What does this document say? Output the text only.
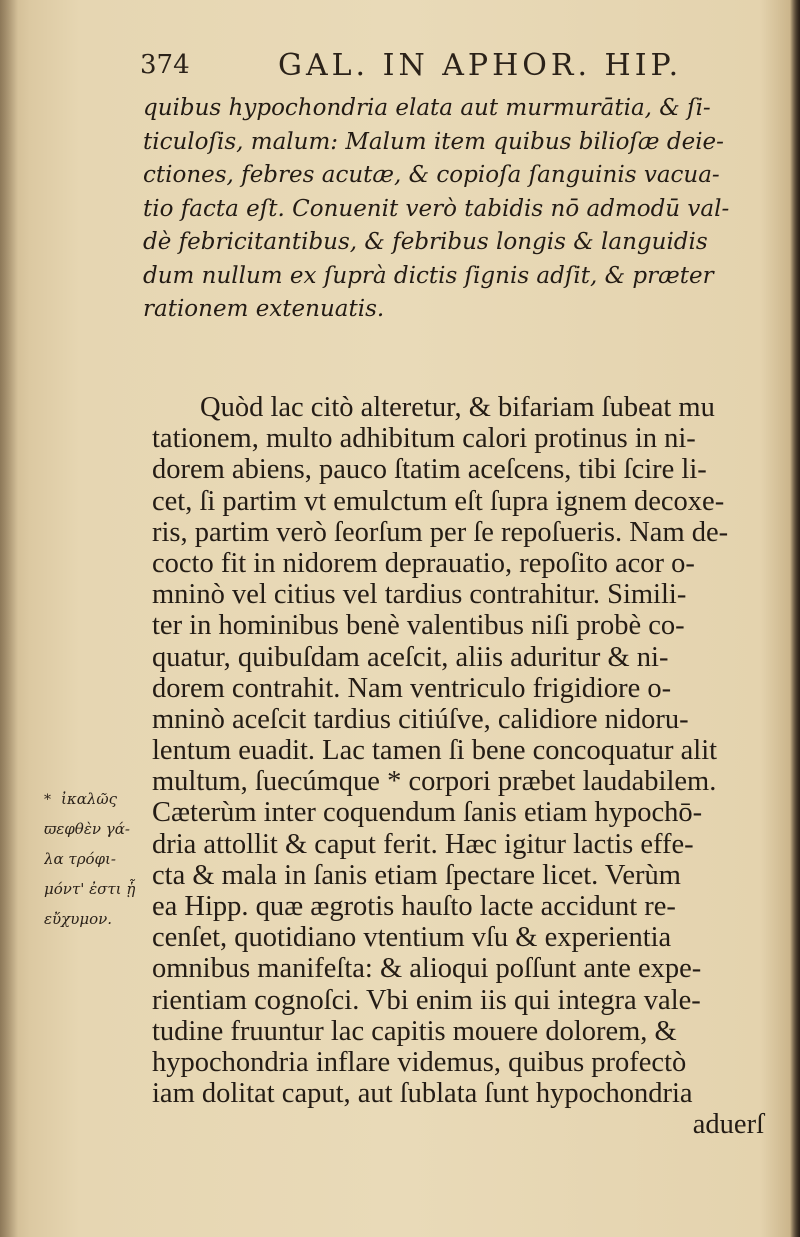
374	GAL. IN APHOR. HIP.
quibus hypochondria elata aut murmurātia, & ſi-
ticuloſis, malum: Malum item quibus bilioſæ deie-
ctiones, febres acutæ, & copioſa ſanguinis vacua-
tio facta eſt. Conuenit verò tabidis nō admodū val-
dè febricitantibus, & febribus longis & languidis
dum nullum ex ſuprà dictis ſignis adſit, & præter
rationem extenuatis.
Quòd lac citò alteretur, & bifariam ſubeat mu
tationem, multo adhibitum calori protinus in ni-
dorem abiens, pauco ſtatim aceſcens, tibi ſcire li-
cet, ſi partim vt emulctum eſt ſupra ignem decoxe-
ris, partim verò ſeorſum per ſe repoſueris. Nam de-
cocto fit in nidorem deprauatio, repoſito acor o-
mninò vel citius vel tardius contrahitur. Simili-
ter in hominibus benè valentibus niſi probè co-
quatur, quibuſdam aceſcit, aliis aduritur & ni-
dorem contrahit. Nam ventriculo frigidiore o-
mninò aceſcit tardius citiúſve, calidiore nidoru-
lentum euadit. Lac tamen ſi bene concoquatur alit
multum, ſuecúmque * corpori præbet laudabilem.
Cæterùm inter coquendum ſanis etiam hypochō-
dria attollit & caput ferit. Hæc igitur lactis effe-
cta & mala in ſanis etiam ſpectare licet. Verùm
ea Hipp. quæ ægrotis hauſto lacte accidunt re-
cenſet, quotidiano vtentium vſu & experientia
omnibus manifeſta: & alioqui poſſunt ante expe-
rientiam cognoſci. Vbi enim iis qui integra vale-
tudine fruuntur lac capitis mouere dolorem, &
hypochondria inflare videmus, quibus profectò
iam dolitat caput, aut ſublata ſunt hypochondria
aduerſ
* ἰκαλῶς
ϖεφθὲν γά-
λα τρόφι-
μόντ' ἐστι ᾗ
εὔχυμον.
